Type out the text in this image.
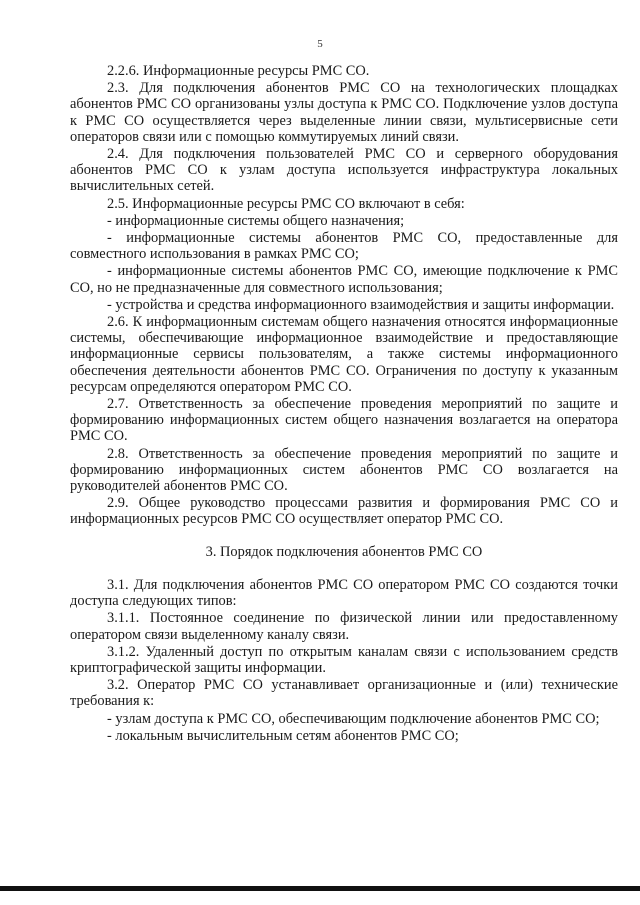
5

2.2.6. Информационные ресурсы РМС СО.

2.3. Для подключения абонентов РМС СО на технологических площадках абонентов РМС СО организованы узлы доступа к РМС СО. Подключение узлов доступа к РМС СО осуществляется через выделенные линии связи, мультисервисные сети операторов связи или с помощью коммутируемых линий связи.

2.4. Для подключения пользователей РМС СО и серверного оборудования абонентов РМС СО к узлам доступа используется инфраструктура локальных вычислительных сетей.

2.5. Информационные ресурсы РМС СО включают в себя:

- информационные системы общего назначения;

- информационные системы абонентов РМС СО, предоставленные для совместного использования в рамках РМС СО;

- информационные системы абонентов РМС СО, имеющие подключение к РМС СО, но не предназначенные для совместного использования;

- устройства и средства информационного взаимодействия и защиты информации.

2.6. К информационным системам общего назначения относятся информационные системы, обеспечивающие информационное взаимодействие и предоставляющие информационные сервисы пользователям, а также системы информационного обеспечения деятельности абонентов РМС СО. Ограничения по доступу к указанным ресурсам определяются оператором РМС СО.

2.7. Ответственность за обеспечение проведения мероприятий по защите и формированию информационных систем общего назначения возлагается на оператора РМС СО.

2.8. Ответственность за обеспечение проведения мероприятий по защите и формированию информационных систем абонентов РМС СО возлагается на руководителей абонентов РМС СО.

2.9. Общее руководство процессами развития и формирования РМС СО и информационных ресурсов РМС СО осуществляет оператор РМС СО.

3. Порядок подключения абонентов РМС СО

3.1. Для подключения абонентов РМС СО оператором РМС СО создаются точки доступа следующих типов:

3.1.1. Постоянное соединение по физической линии или предоставленному оператором связи выделенному каналу связи.

3.1.2. Удаленный доступ по открытым каналам связи с использованием средств криптографической защиты информации.

3.2. Оператор РМС СО устанавливает организационные и (или) технические требования к:

- узлам доступа к РМС СО, обеспечивающим подключение абонентов РМС СО;

- локальным вычислительным сетям абонентов РМС СО;
